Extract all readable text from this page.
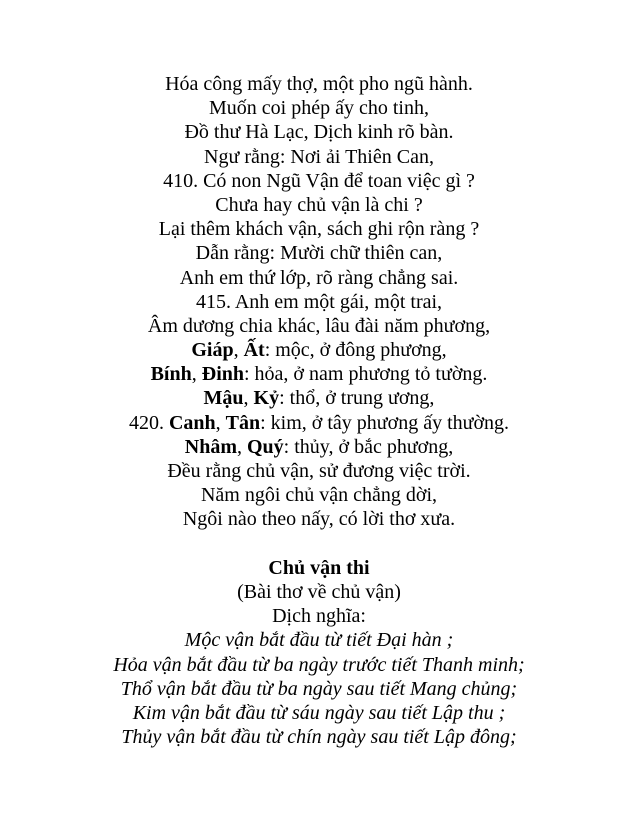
Hóa công mấy thợ, một pho ngũ hành.
Muốn coi phép ấy cho tinh,
Đồ thư Hà Lạc, Dịch kinh rõ bàn.
Ngư rằng: Nơi ải Thiên Can,
410. Có non Ngũ Vận để toan việc gì ?
Chưa hay chủ vận là chi ?
Lại thêm khách vận, sách ghi rộn ràng ?
Dẫn rằng: Mười chữ thiên can,
Anh em thứ lớp, rõ ràng chẳng sai.
415. Anh em một gái, một trai,
Âm dương chia khác, lâu đài năm phương,
Giáp, Ất: mộc, ở đông phương,
Bính, Đinh: hỏa, ở nam phương tỏ tường.
Mậu, Kỷ: thổ, ở trung ương,
420. Canh, Tân: kim, ở tây phương ấy thường.
Nhâm, Quý: thủy, ở bắc phương,
Đều rằng chủ vận, sử đương việc trời.
Năm ngôi chủ vận chẳng dời,
Ngôi nào theo nấy, có lời thơ xưa.
Chủ vận thi
(Bài thơ về chủ vận)
Dịch nghĩa:
Mộc vận bắt đầu từ tiết Đại hàn ;
Hỏa vận bắt đầu từ ba ngày trước tiết Thanh minh;
Thổ vận bắt đầu từ ba ngày sau tiết Mang chủng;
Kim vận bắt đầu từ sáu ngày sau tiết Lập thu ;
Thủy vận bắt đầu từ chín ngày sau tiết Lập đông;
